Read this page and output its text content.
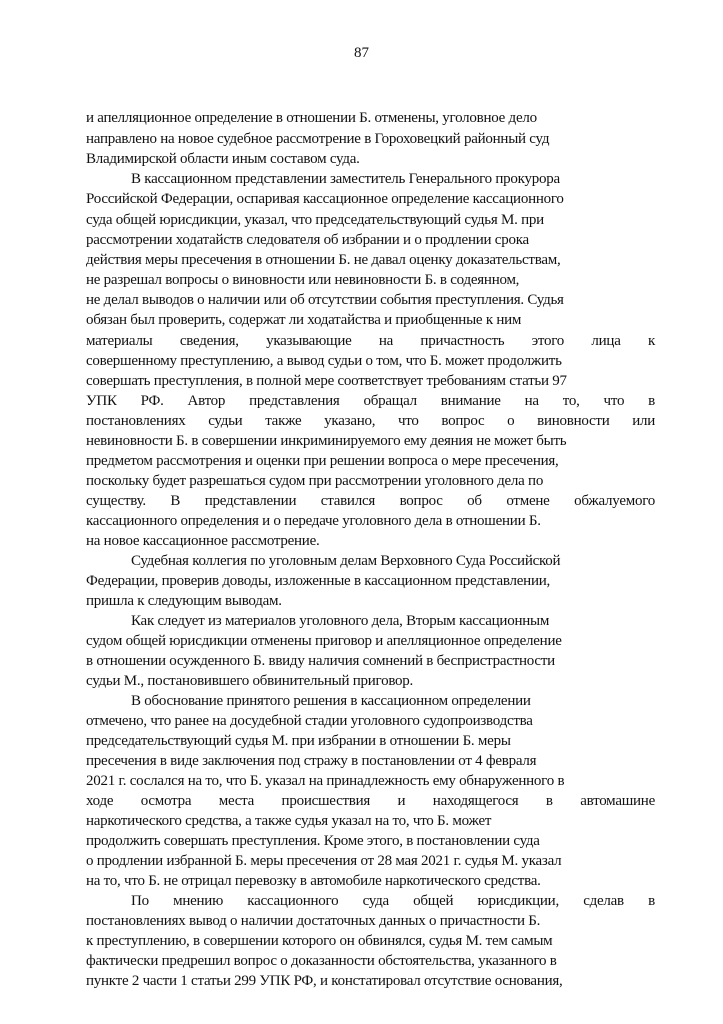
87

и апелляционное определение в отношении Б. отменены, уголовное дело

направлено на новое судебное рассмотрение в Гороховецкий районный суд

Владимирской области иным составом суда.

В кассационном представлении заместитель Генерального прокурора

Российской Федерации, оспаривая кассационное определение кассационного

суда общей юрисдикции, указал, что председательствующий судья М. при

рассмотрении ходатайств следователя об избрании и о продлении срока

действия меры пресечения в отношении Б. не давал оценку доказательствам,

не разрешал вопросы о виновности или невиновности Б. в содеянном,

не делал выводов о наличии или об отсутствии события преступления. Судья

обязан был проверить, содержат ли ходатайства и приобщенные к ним

материалы сведения, указывающие на причастность этого лица к

совершенному преступлению, а вывод судьи о том, что Б. может продолжить

совершать преступления, в полной мере соответствует требованиям статьи 97

УПК РФ. Автор представления обращал внимание на то, что в

постановлениях судьи также указано, что вопрос о виновности или

невиновности Б. в совершении инкриминируемого ему деяния не может быть

предметом рассмотрения и оценки при решении вопроса о мере пресечения,

поскольку будет разрешаться судом при рассмотрении уголовного дела по

существу. В представлении ставился вопрос об отмене обжалуемого

кассационного определения и о передаче уголовного дела в отношении Б.

на новое кассационное рассмотрение.

Судебная коллегия по уголовным делам Верховного Суда Российской

Федерации, проверив доводы, изложенные в кассационном представлении,

пришла к следующим выводам.

Как следует из материалов уголовного дела, Вторым кассационным

судом общей юрисдикции отменены приговор и апелляционное определение

в отношении осужденного Б. ввиду наличия сомнений в беспристрастности

судьи М., постановившего обвинительный приговор.

В обоснование принятого решения в кассационном определении

отмечено, что ранее на досудебной стадии уголовного судопроизводства

председательствующий судья М. при избрании в отношении Б. меры

пресечения в виде заключения под стражу в постановлении от 4 февраля

2021 г. сослался на то, что Б. указал на принадлежность ему обнаруженного в

ходе осмотра места происшествия и находящегося в автомашине

наркотического средства, а также судья указал на то, что Б. может

продолжить совершать преступления. Кроме этого, в постановлении суда

о продлении избранной Б. меры пресечения от 28 мая 2021 г. судья М. указал

на то, что Б. не отрицал перевозку в автомобиле наркотического средства.

По мнению кассационного суда общей юрисдикции, сделав в

постановлениях вывод о наличии достаточных данных о причастности Б.

к преступлению, в совершении которого он обвинялся, судья М. тем самым

фактически предрешил вопрос о доказанности обстоятельства, указанного в

пункте 2 части 1 статьи 299 УПК РФ, и констатировал отсутствие основания,
